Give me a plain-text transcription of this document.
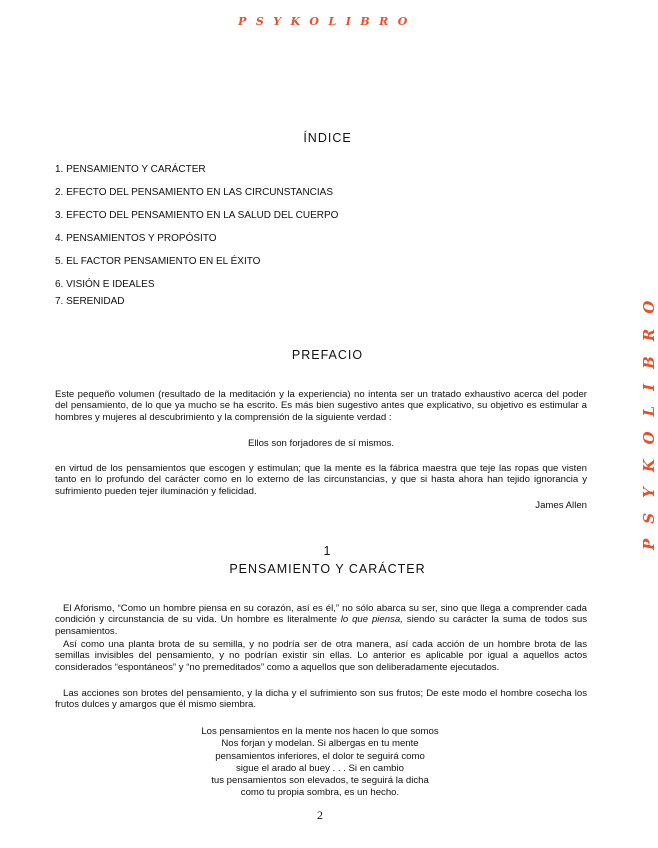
PSYKOLIBRO
PSYKOLIBRO
ÍNDICE
1. PENSAMIENTO Y CARÁCTER
2. EFECTO DEL PENSAMIENTO EN LAS CIRCUNSTANCIAS
3. EFECTO DEL PENSAMIENTO EN LA SALUD DEL CUERPO
4. PENSAMIENTOS Y PROPÓSITO
5. EL FACTOR PENSAMIENTO EN EL ÉXITO
6. VISIÓN E IDEALES
7. SERENIDAD
PREFACIO

Este pequeño volumen (resultado de la meditación y la experiencia) no intenta ser un tratado exhaustivo acerca del poder del pensamiento, de lo que ya mucho se ha escrito. Es más bien sugestivo antes que explicativo, su objetivo es estimular a hombres y mujeres al descubrimiento y la comprensión de la siguiente verdad :

Ellos son forjadores de sí mismos.

en virtud de los pensamientos que escogen y estimulan; que la mente es la fábrica maestra que teje las ropas que visten tanto en lo profundo del carácter como en lo externo de las circunstancias, y que si hasta ahora han tejido ignorancia y sufrimiento pueden tejer iluminación y felicidad.

James Allen
1
PENSAMIENTO Y CARÁCTER

El Aforismo, “Como un hombre piensa en su corazón, así es él,” no sólo abarca su ser, sino que llega a comprender cada condición y circunstancia de su vida. Un hombre es literalmente lo que piensa, siendo su carácter la suma de todos sus pensamientos.

Así como una planta brota de su semilla, y no podría ser de otra manera, así cada acción de un hombre brota de las semillas invisibles del pensamiento, y no podrían existir sin ellas. Lo anterior es aplicable por igual a aquellos actos considerados “espontáneos” y “no premeditados” como a aquellos que son deliberadamente ejecutados.

Las acciones son brotes del pensamiento, y la dicha y el sufrimiento son sus frutos; De este modo el hombre cosecha los frutos dulces y amargos que él mismo siembra.

Los pensamientos en la mente nos hacen lo que somos
Nos forjan y modelan. Si albergas en tu mente
pensamientos inferiores, el dolor te seguirá como
sigue el arado al buey . . . Si en cambio
tus pensamientos son elevados, te seguirá la dicha
como tu propia sombra, es un hecho.
2
